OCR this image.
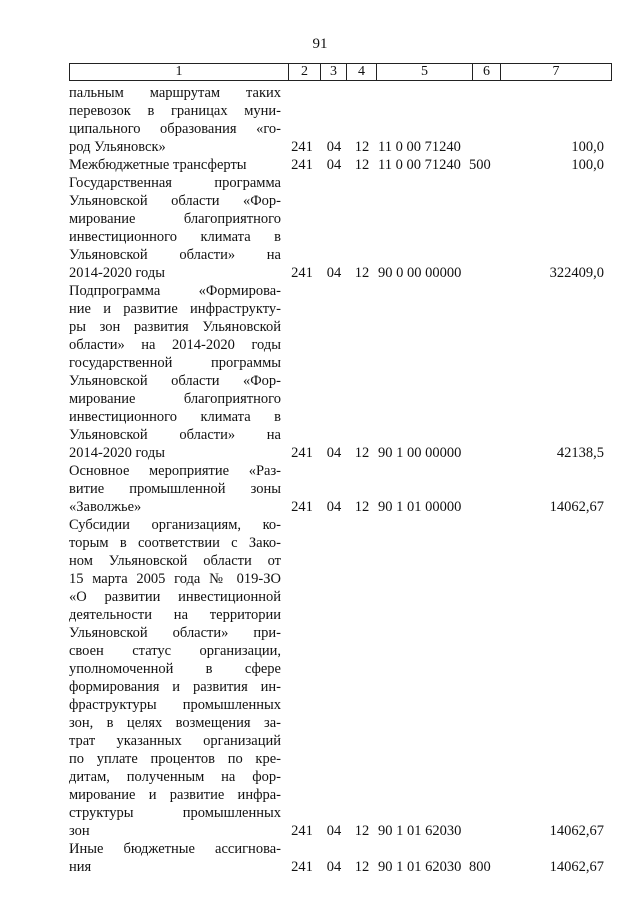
91
1	2	3	4	5	6	7
пальным маршрутам таких
перевозок в границах муни-
ципального образования «го-
род Ульяновск»	241 04 12 11 0 00 71240	100,0
Межбюджетные трансферты	241 04 12 11 0 00 71240 500	100,0
Государственная программа
Ульяновской области «Фор-
мирование благоприятного
инвестиционного климата в
Ульяновской области» на
2014-2020 годы	241 04 12 90 0 00 00000	322409,0
Подпрограмма «Формирова-
ние и развитие инфраструкту-
ры зон развития Ульяновской
области» на 2014-2020 годы
государственной программы
Ульяновской области «Фор-
мирование благоприятного
инвестиционного климата в
Ульяновской области» на
2014-2020 годы	241 04 12 90 1 00 00000	42138,5
Основное мероприятие «Раз-
витие промышленной зоны
«Заволжье»	241 04 12 90 1 01 00000	14062,67
Субсидии организациям, ко-
торым в соответствии с Зако-
ном Ульяновской области от
15 марта 2005 года № 019-ЗО
«О развитии инвестиционной
деятельности на территории
Ульяновской области» при-
своен статус организации,
уполномоченной в сфере
формирования и развития ин-
фраструктуры промышленных
зон, в целях возмещения за-
трат указанных организаций
по уплате процентов по кре-
дитам, полученным на фор-
мирование и развитие инфра-
структуры промышленных
зон	241 04 12 90 1 01 62030	14062,67
Иные бюджетные ассигнова-
ния	241 04 12 90 1 01 62030 800	14062,67
